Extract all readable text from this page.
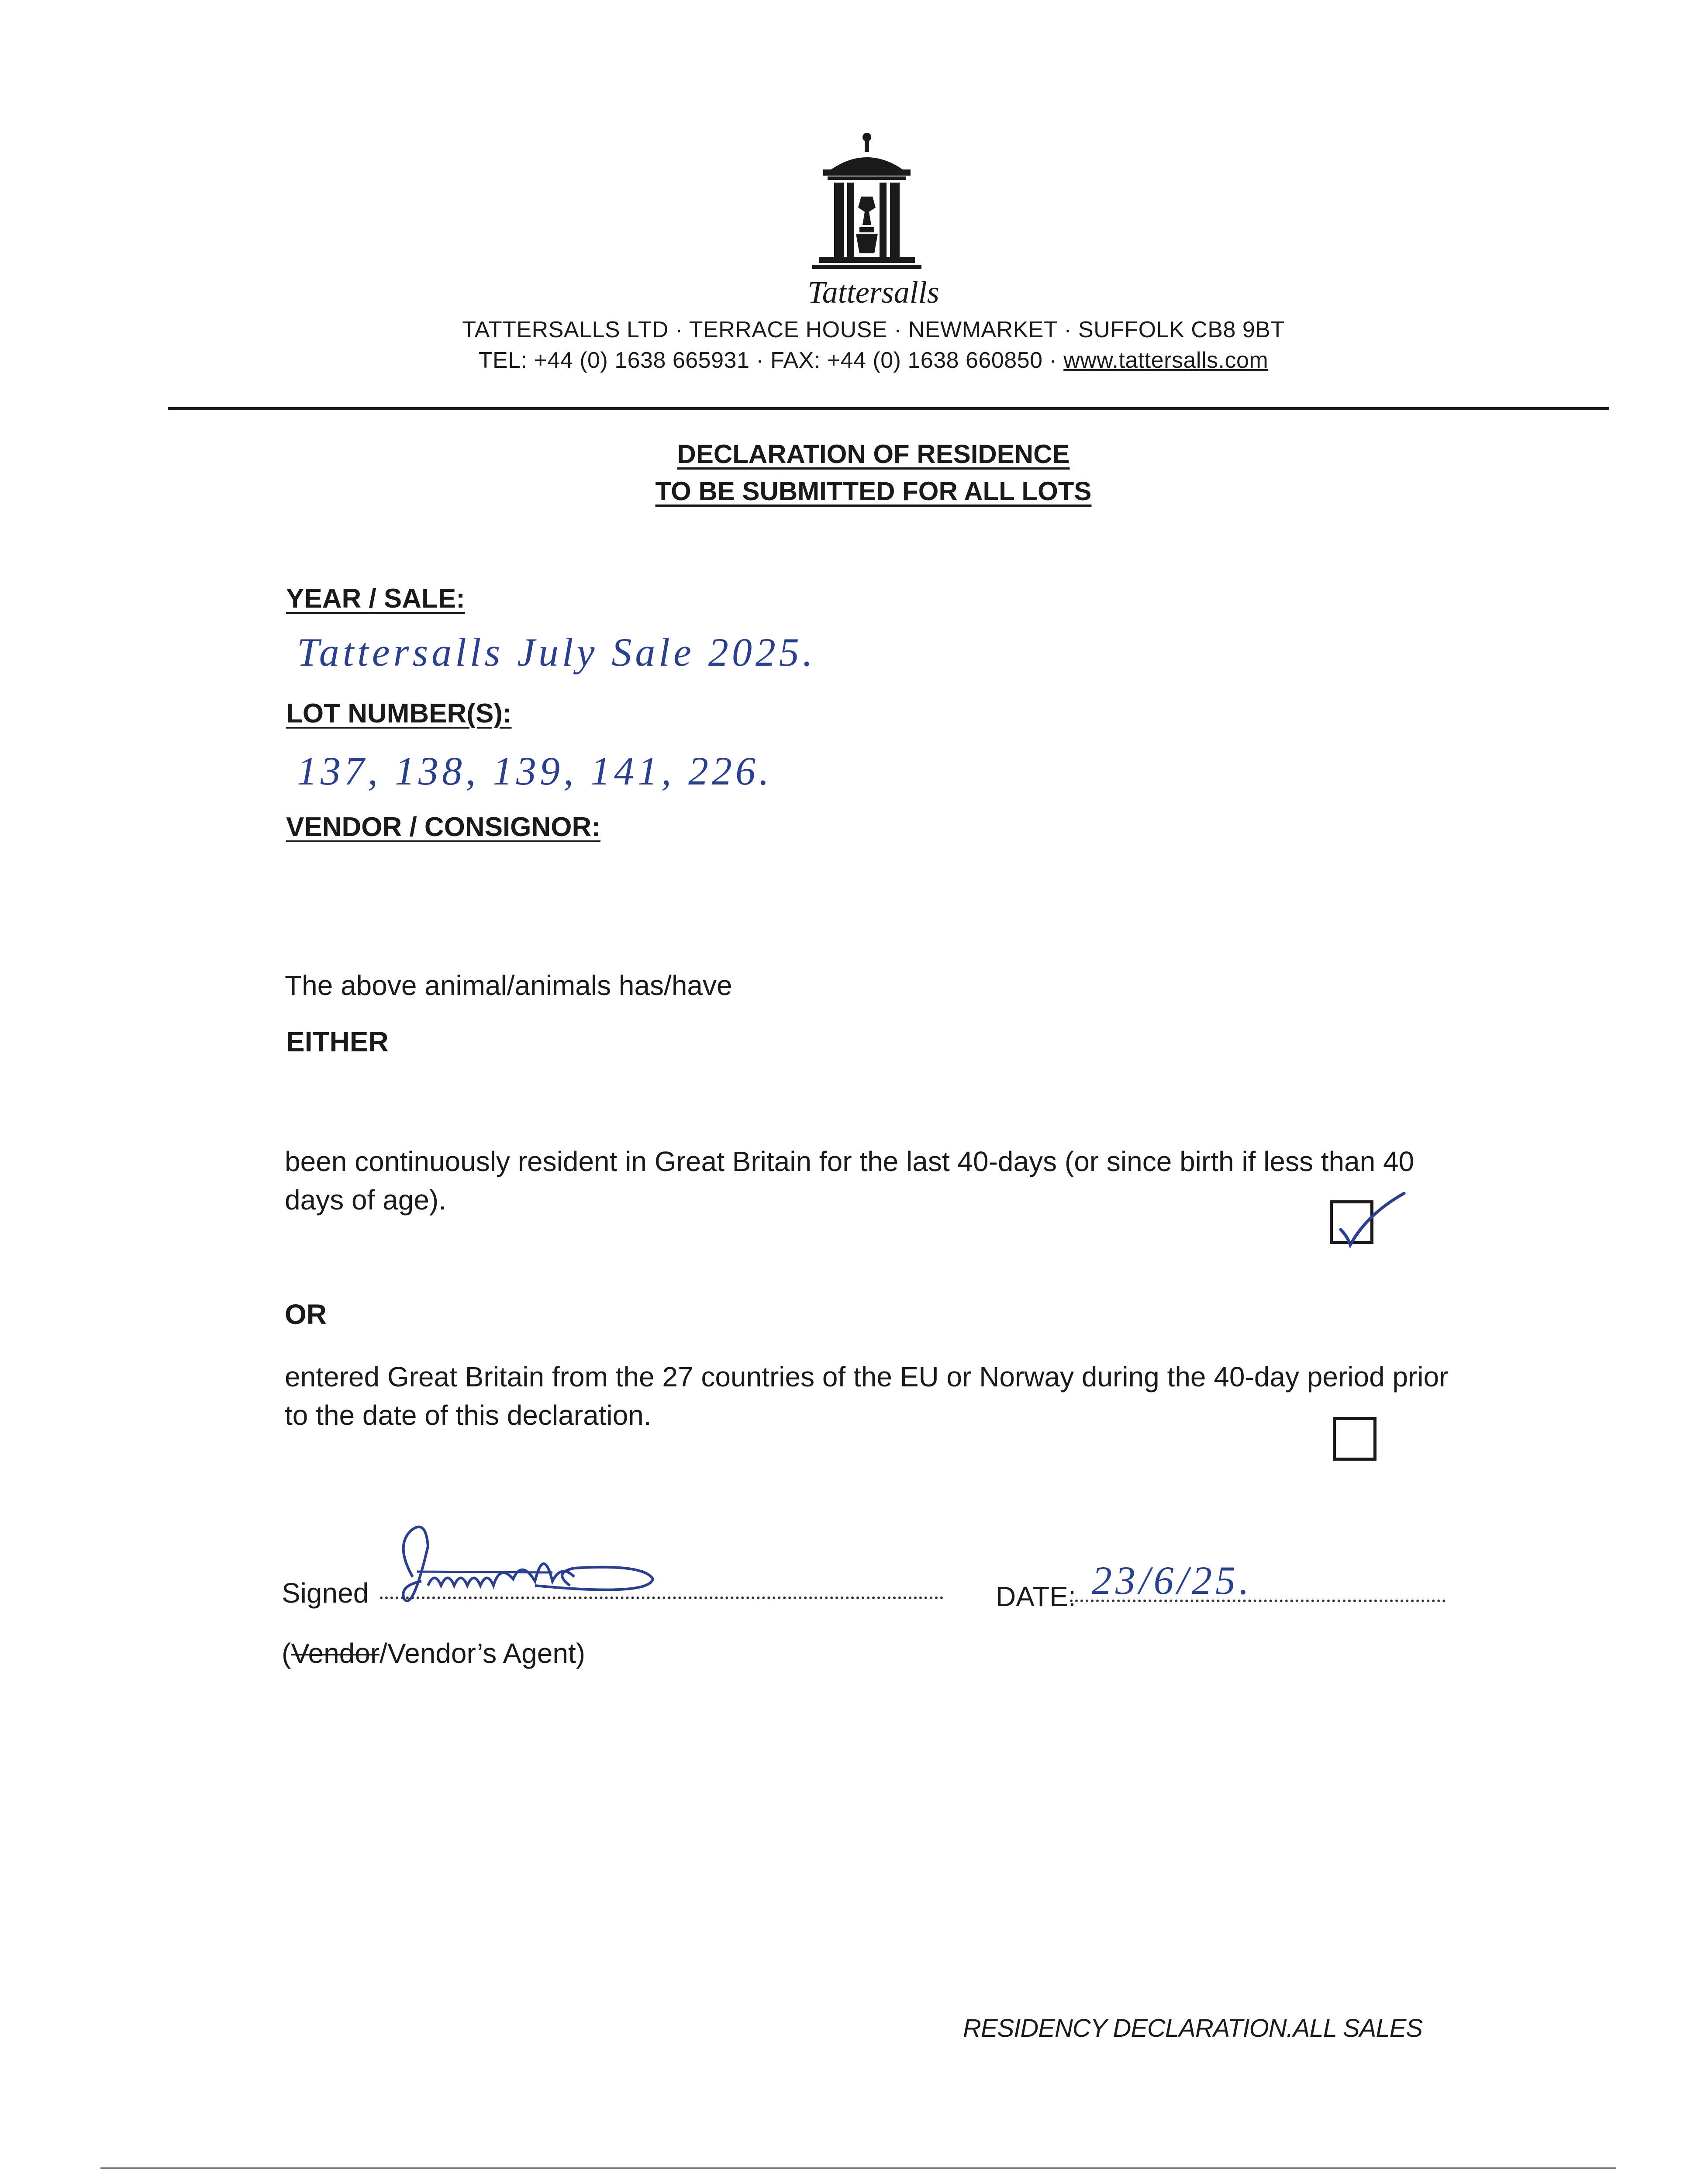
Tattersalls
TATTERSALLS LTD · TERRACE HOUSE · NEWMARKET · SUFFOLK CB8 9BT
TEL: +44 (0) 1638 665931 · FAX: +44 (0) 1638 660850 · www.tattersalls.com
DECLARATION OF RESIDENCE
TO BE SUBMITTED FOR ALL LOTS
YEAR / SALE:
Tattersalls July Sale 2025.
LOT NUMBER(S):
137, 138, 139, 141, 226.
VENDOR / CONSIGNOR:
The above animal/animals has/have
EITHER
been continuously resident in Great Britain for the last 40-days (or since birth if less than 40 days of age).
OR
entered Great Britain from the 27 countries of the EU or Norway during the 40-day period prior to the date of this declaration.
Signed	DATE: 23/6/25.
(Vendor/Vendor’s Agent)
RESIDENCY DECLARATION.ALL SALES
